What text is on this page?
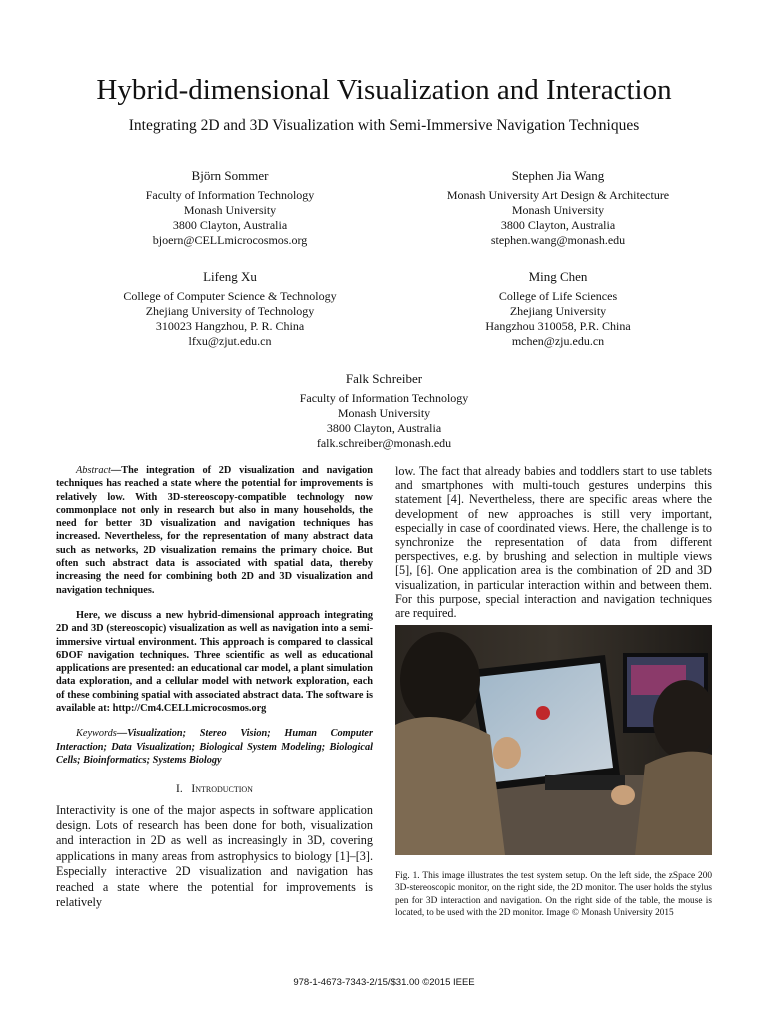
Hybrid-dimensional Visualization and Interaction
Integrating 2D and 3D Visualization with Semi-Immersive Navigation Techniques
Björn Sommer
Faculty of Information Technology
Monash University
3800 Clayton, Australia
bjoern@CELLmicrocosmos.org
Stephen Jia Wang
Monash University Art Design & Architecture
Monash University
3800 Clayton, Australia
stephen.wang@monash.edu
Lifeng Xu
College of Computer Science & Technology
Zhejiang University of Technology
310023 Hangzhou, P. R. China
lfxu@zjut.edu.cn
Ming Chen
College of Life Sciences
Zhejiang University
Hangzhou 310058, P.R. China
mchen@zju.edu.cn
Falk Schreiber
Faculty of Information Technology
Monash University
3800 Clayton, Australia
falk.schreiber@monash.edu

Abstract—The integration of 2D visualization and navigation techniques has reached a state where the potential for improvements is relatively low. With 3D-stereoscopy-compatible technology now commonplace not only in research but also in many households, the need for better 3D visualization and navigation techniques has increased. Nevertheless, for the representation of many abstract data such as networks, 2D visualization remains the primary choice. But often such abstract data is associated with spatial data, thereby increasing the need for combining both 2D and 3D visualization and navigation techniques.

Here, we discuss a new hybrid-dimensional approach integrating 2D and 3D (stereoscopic) visualization as well as navigation into a semi-immersive virtual environment. This approach is compared to classical 6DOF navigation techniques. Three scientific as well as educational applications are presented: an educational car model, a plant simulation data exploration, and a cellular model with network exploration, each of these combining spatial with associated abstract data. The software is available at: http://Cm4.CELLmicrocosmos.org

Keywords—Visualization; Stereo Vision; Human Computer Interaction; Data Visualization; Biological System Modeling; Biological Cells; Bioinformatics; Systems Biology

I. Introduction
Interactivity is one of the major aspects in software application design. Lots of research has been done for both, visualization and interaction in 2D as well as increasingly in 3D, covering applications in many areas from astrophysics to biology [1]–[3]. Especially interactive 2D visualization and navigation has reached a state where the potential for improvements is relatively
low. The fact that already babies and toddlers start to use tablets and smartphones with multi-touch gestures underpins this statement [4]. Nevertheless, there are specific areas where the development of new approaches is still very important, especially in case of coordinated views. Here, the challenge is to synchronize the representation of data from different perspectives, e.g. by brushing and selection in multiple views [5], [6]. One application area is the combination of 2D and 3D visualization, in particular interaction within and between them. For this purpose, special interaction and navigation techniques are required.
Fig. 1. This image illustrates the test system setup. On the left side, the zSpace 200 3D-stereoscopic monitor, on the right side, the 2D monitor. The user holds the stylus pen for 3D interaction and navigation. On the right side of the table, the mouse is located, to be used with the 2D monitor. Image © Monash University 2015
978-1-4673-7343-2/15/$31.00 ©2015 IEEE
